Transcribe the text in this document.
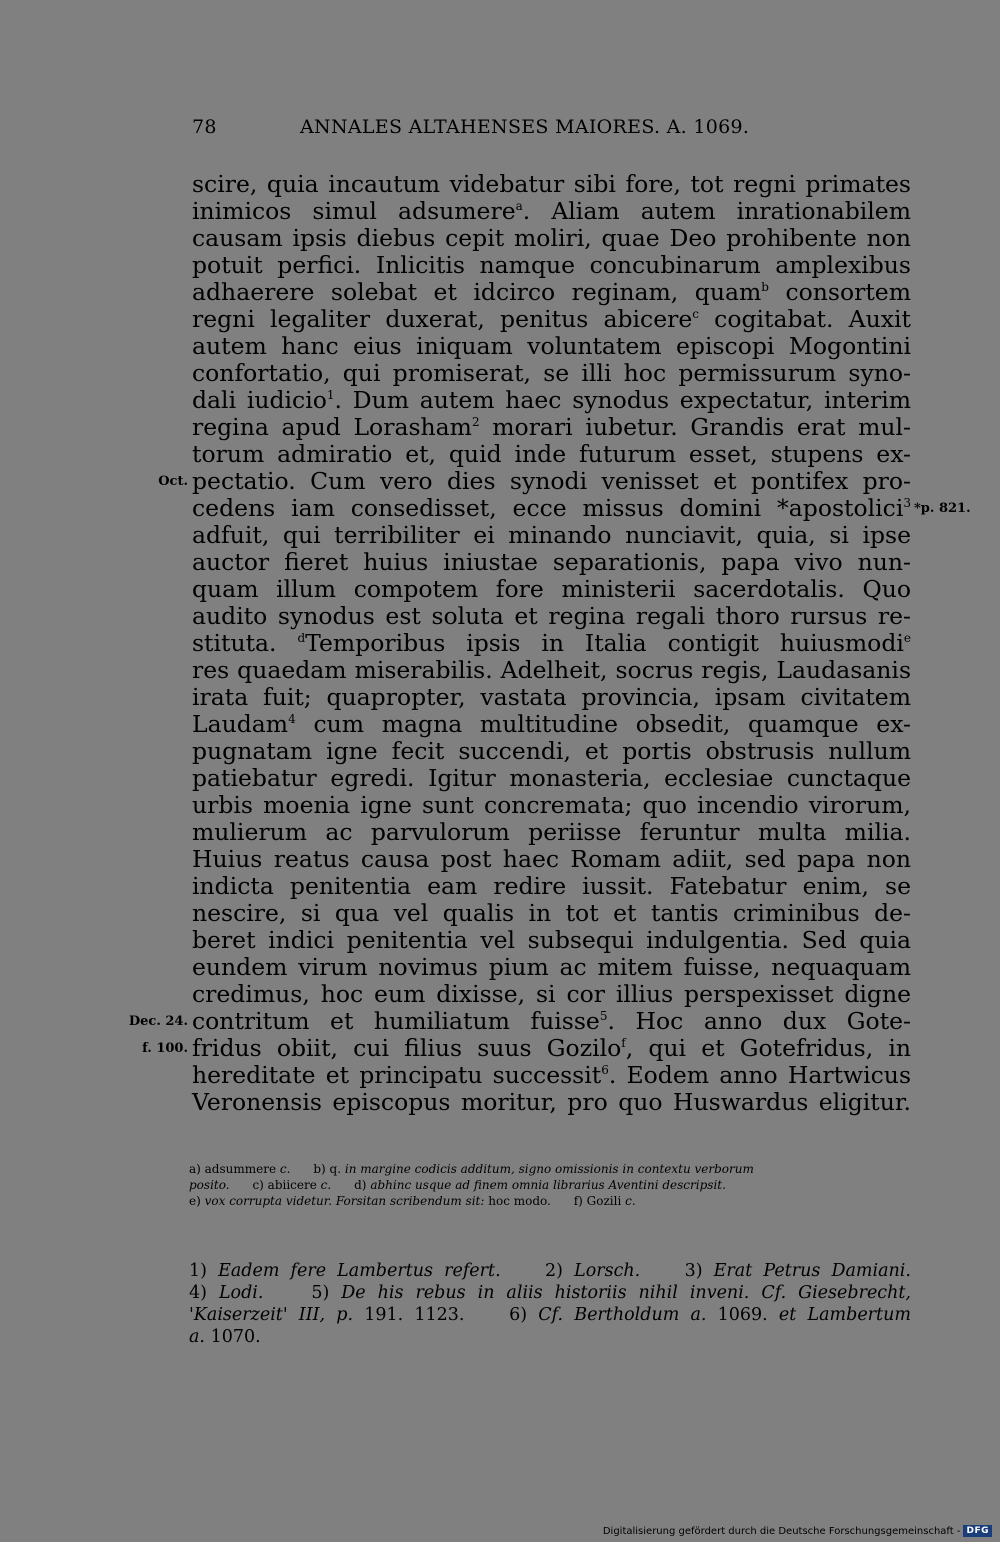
78	ANNALES ALTAHENSES MAIORES. A. 1069.
scire, quia incautum videbatur sibi fore, tot regni primates
inimicos simul adsumere$^a$. Aliam autem inrationabilem
causam ipsis diebus cepit moliri, quae Deo prohibente non
potuit perfici. Inlicitis namque concubinarum amplexibus
adhaerere solebat et idcirco reginam, quam$^b$ consortem
regni legaliter duxerat, penitus abicere$^c$ cogitabat. Auxit
autem hanc eius iniquam voluntatem episcopi Mogontini
confortatio, qui promiserat, se illi hoc permissurum syno-
dali iudicio$^1$. Dum autem haec synodus expectatur, interim
regina apud Lorasham$^2$ morari iubetur. Grandis erat mul-
torum admiratio et, quid inde futurum esset, stupens ex-
pectatio. Cum vero dies synodi venisset et pontifex pro-
cedens iam consedisset, ecce missus domini *apostolici$^3$
adfuit, qui terribiliter ei minando nunciavit, quia, si ipse
auctor fieret huius iniustae separationis, papa vivo nun-
quam illum compotem fore ministerii sacerdotalis. Quo
audito synodus est soluta et regina regali thoro rursus re-
stituta. $^d$Temporibus ipsis in Italia contigit huiusmodi$^e$
res quaedam miserabilis. Adelheit, socrus regis, Laudasanis
irata fuit; quapropter, vastata provincia, ipsam civitatem
Laudam$^4$ cum magna multitudine obsedit, quamque ex-
pugnatam igne fecit succendi, et portis obstrusis nullum
patiebatur egredi. Igitur monasteria, ecclesiae cunctaque
urbis moenia igne sunt concremata; quo incendio virorum,
mulierum ac parvulorum periisse feruntur multa milia.
Huius reatus causa post haec Romam adiit, sed papa non
indicta penitentia eam redire iussit. Fatebatur enim, se
nescire, si qua vel qualis in tot et tantis criminibus de-
beret indici penitentia vel subsequi indulgentia. Sed quia
eundem virum novimus pium ac mitem fuisse, nequaquam
credimus, hoc eum dixisse, si cor illius perspexisset digne
contritum et humiliatum fuisse$^5$. Hoc anno dux Gote-
fridus obiit, cui filius suus Gozilo$^f$, qui et Gotefridus, in
hereditate et principatu successit$^6$. Eodem anno Hartwicus
Veronensis episcopus moritur, pro quo Huswardus eligitur.
Oct.
*p. 821.
Dec. 24.
f. 100.
a) adsummere c. b) q. in margine codicis additum, signo omissionis in contextu verborum
posito. c) abiicere c. d) abhinc usque ad finem omnia librarius Aventini descripsit.
e) vox corrupta videtur. Forsitan scribendum sit: hoc modo. f) Gozili c.
1) Eadem fere Lambertus refert.	2) Lorsch.	3) Erat Petrus Damiani.
4) Lodi.	5) De his rebus in aliis historiis nihil inveni. Cf. Giesebrecht,
'Kaiserzeit' III, p. 191. 1123.	6) Cf. Bertholdum a. 1069. et Lambertum
a. 1070.
Digitalisierung gefördert durch die Deutsche Forschungsgemeinschaft - DFG
